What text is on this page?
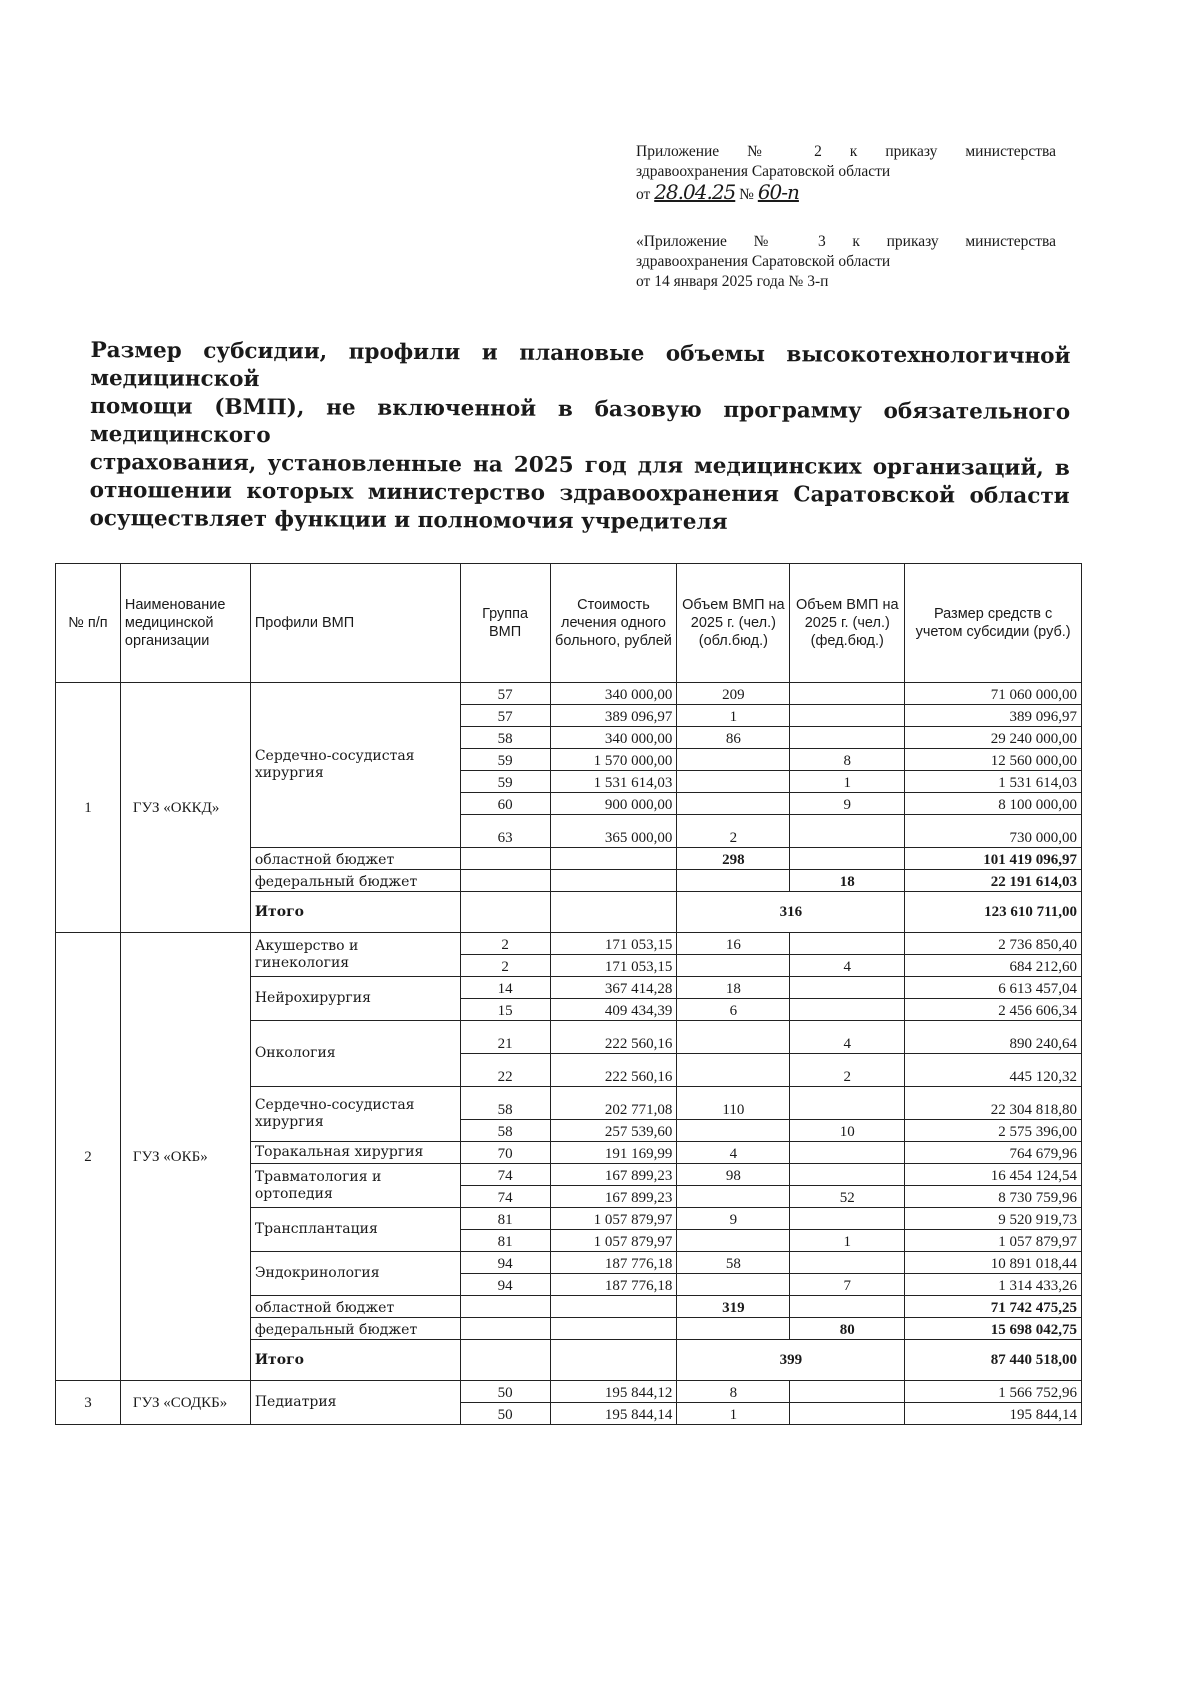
Приложение № 2 к приказу министерства
здравоохранения Саратовской области
от 28.04.25 № 60-п
«Приложение № 3 к приказу министерства
здравоохранения Саратовской области
от 14 января 2025 года № 3-п
Размер субсидии, профили и плановые объемы высокотехнологичной медицинской
помощи (ВМП), не включенной в базовую программу обязательного медицинского
страхования, установленные на 2025 год для медицинских организаций, в
отношении которых министерство здравоохранения Саратовской области
осуществляет функции и полномочия учредителя
№ п/п	Наименование медицинской организации	Профили ВМП	Группа ВМП	Стоимость лечения одного больного, рублей	Объем ВМП на 2025 г. (чел.) (обл.бюд.)	Объем ВМП на 2025 г. (чел.) (фед.бюд.)	Размер средств с учетом субсидии (руб.)
1	ГУЗ «ОККД»	Сердечно-сосудистая хирургия	57	340 000,00	209		71 060 000,00
			57	389 096,97	1		389 096,97
			58	340 000,00	86		29 240 000,00
			59	1 570 000,00		8	12 560 000,00
			59	1 531 614,03		1	1 531 614,03
			60	900 000,00		9	8 100 000,00
			63	365 000,00	2		730 000,00
		областной бюджет			298		101 419 096,97
		федеральный бюджет				18	22 191 614,03
		Итого			316		123 610 711,00
2	ГУЗ «ОКБ»	Акушерство и гинекология	2	171 053,15	16		2 736 850,40
			2	171 053,15		4	684 212,60
		Нейрохирургия	14	367 414,28	18		6 613 457,04
			15	409 434,39	6		2 456 606,34
		Онкология	21	222 560,16		4	890 240,64
			22	222 560,16		2	445 120,32
		Сердечно-сосудистая хирургия	58	202 771,08	110		22 304 818,80
			58	257 539,60		10	2 575 396,00
		Торакальная хирургия	70	191 169,99	4		764 679,96
		Травматология и ортопедия	74	167 899,23	98		16 454 124,54
			74	167 899,23		52	8 730 759,96
		Трансплантация	81	1 057 879,97	9		9 520 919,73
			81	1 057 879,97		1	1 057 879,97
		Эндокринология	94	187 776,18	58		10 891 018,44
			94	187 776,18		7	1 314 433,26
		областной бюджет			319		71 742 475,25
		федеральный бюджет				80	15 698 042,75
		Итого			399		87 440 518,00
3	ГУЗ «СОДКБ»	Педиатрия	50	195 844,12	8		1 566 752,96
			50	195 844,14	1		195 844,14
